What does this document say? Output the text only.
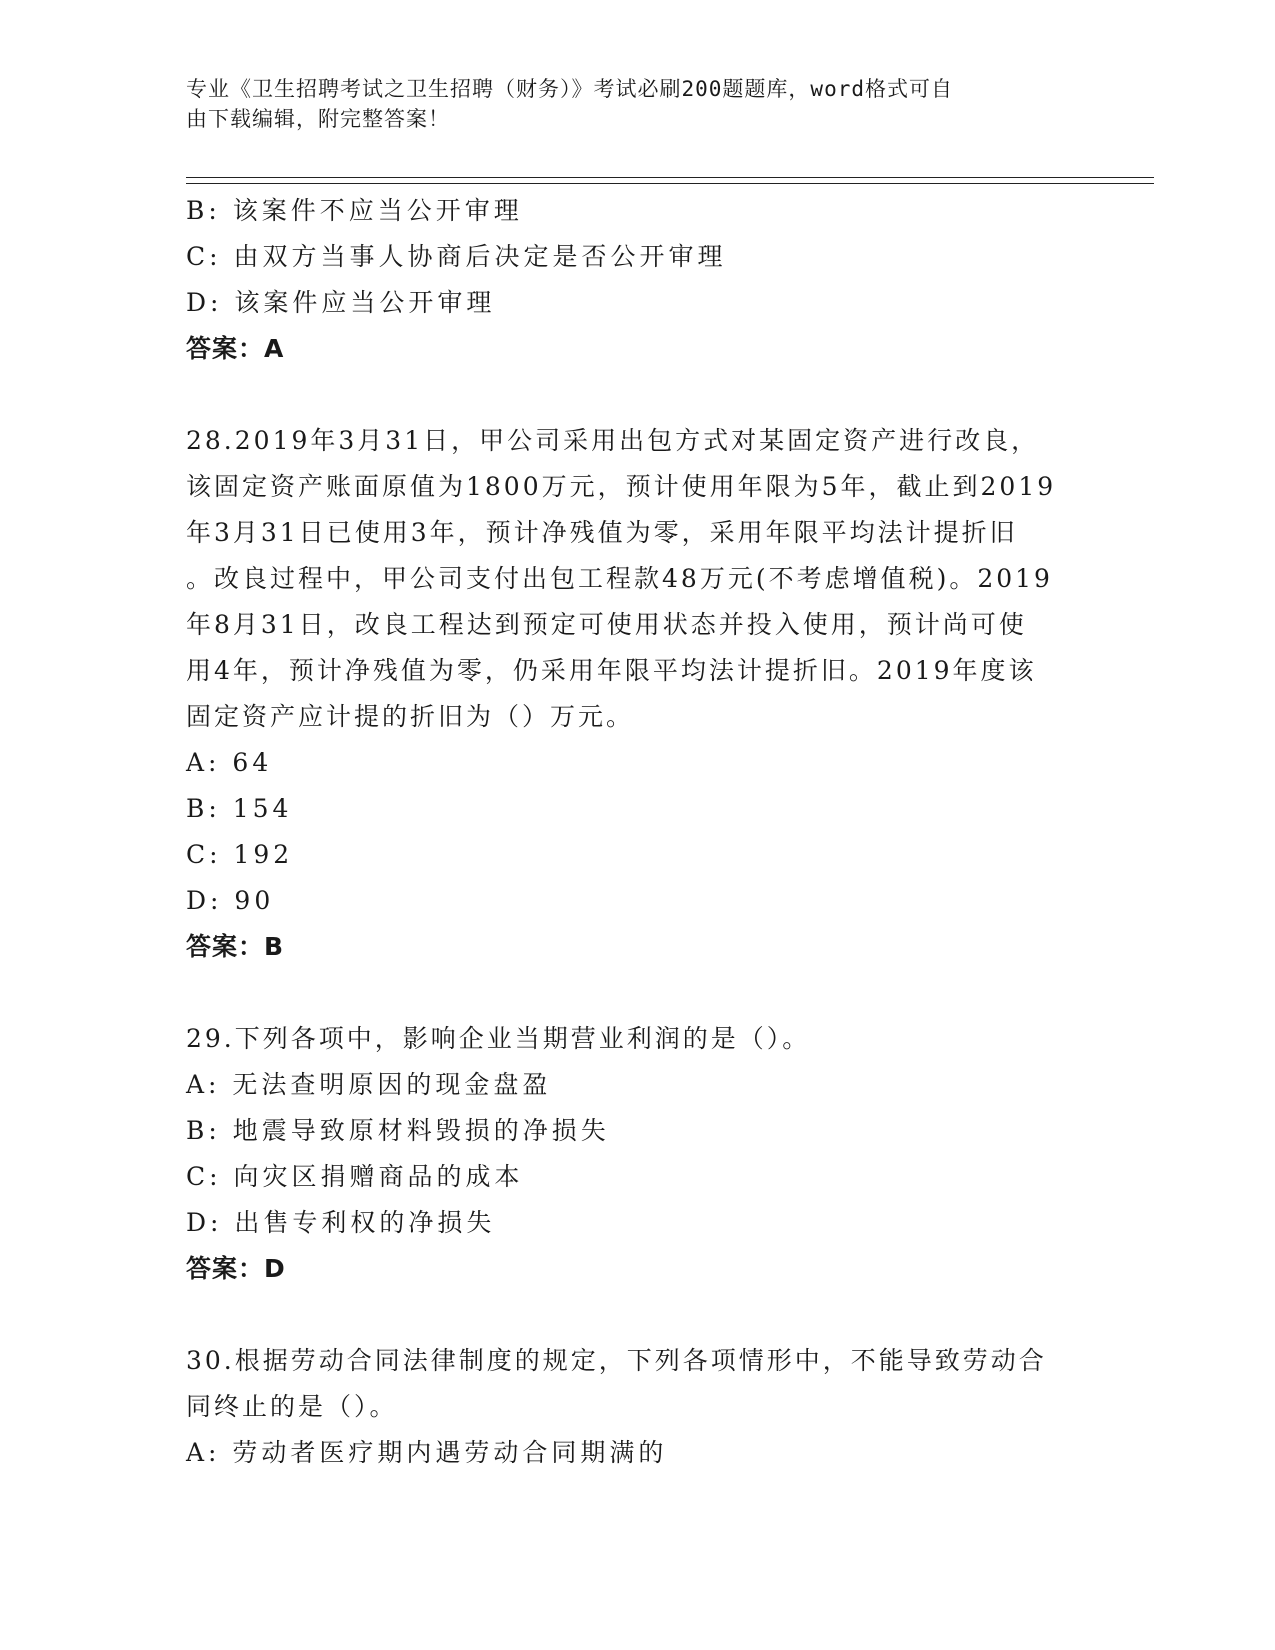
专业《卫生招聘考试之卫生招聘（财务）》考试必刷200题题库，word格式可自
由下载编辑，附完整答案！
B: 该案件不应当公开审理
C: 由双方当事人协商后决定是否公开审理
D: 该案件应当公开审理
答案：A
28.2019年3月31日，甲公司采用出包方式对某固定资产进行改良，
该固定资产账面原值为1800万元，预计使用年限为5年，截止到2019
年3月31日已使用3年，预计净残值为零，采用年限平均法计提折旧
。改良过程中，甲公司支付出包工程款48万元(不考虑增值税)。2019
年8月31日，改良工程达到预定可使用状态并投入使用，预计尚可使
用4年，预计净残值为零，仍采用年限平均法计提折旧。2019年度该
固定资产应计提的折旧为（）万元。
A: 64
B: 154
C: 192
D: 90
答案：B
29.下列各项中，影响企业当期营业利润的是（）。
A: 无法查明原因的现金盘盈
B: 地震导致原材料毁损的净损失
C: 向灾区捐赠商品的成本
D: 出售专利权的净损失
答案：D
30.根据劳动合同法律制度的规定，下列各项情形中，不能导致劳动合
同终止的是（）。
A: 劳动者医疗期内遇劳动合同期满的
